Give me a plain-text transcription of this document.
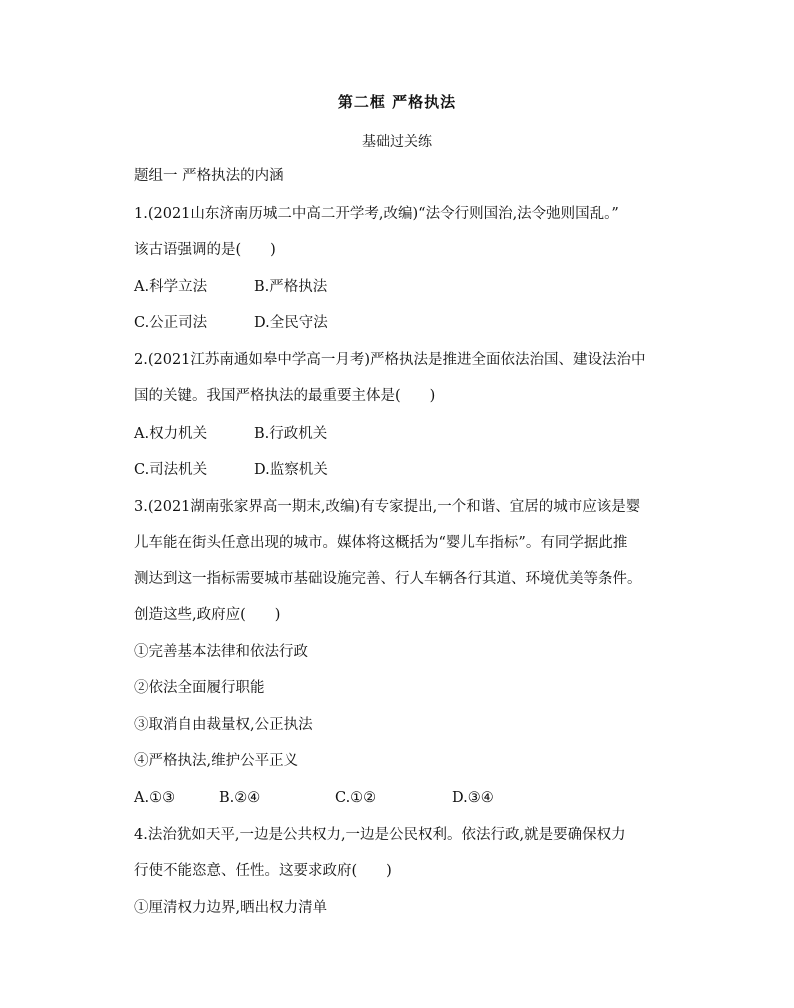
第二框 严格执法
基础过关练
题组一 严格执法的内涵
1.(2021山东济南历城二中高二开学考,改编)“法令行则国治,法令弛则国乱。”
该古语强调的是(　　)
A.科学立法	B.严格执法
C.公正司法	D.全民守法
2.(2021江苏南通如皋中学高一月考)严格执法是推进全面依法治国、建设法治中
国的关键。我国严格执法的最重要主体是(　　)
A.权力机关	B.行政机关
C.司法机关	D.监察机关
3.(2021湖南张家界高一期末,改编)有专家提出,一个和谐、宜居的城市应该是婴
儿车能在街头任意出现的城市。媒体将这概括为“婴儿车指标”。有同学据此推
测达到这一指标需要城市基础设施完善、行人车辆各行其道、环境优美等条件。
创造这些,政府应(　　)
①完善基本法律和依法行政
②依法全面履行职能
③取消自由裁量权,公正执法
④严格执法,维护公平正义
A.①③	B.②④	C.①②	D.③④
4.法治犹如天平,一边是公共权力,一边是公民权利。依法行政,就是要确保权力
行使不能恣意、任性。这要求政府(　　)
①厘清权力边界,晒出权力清单
